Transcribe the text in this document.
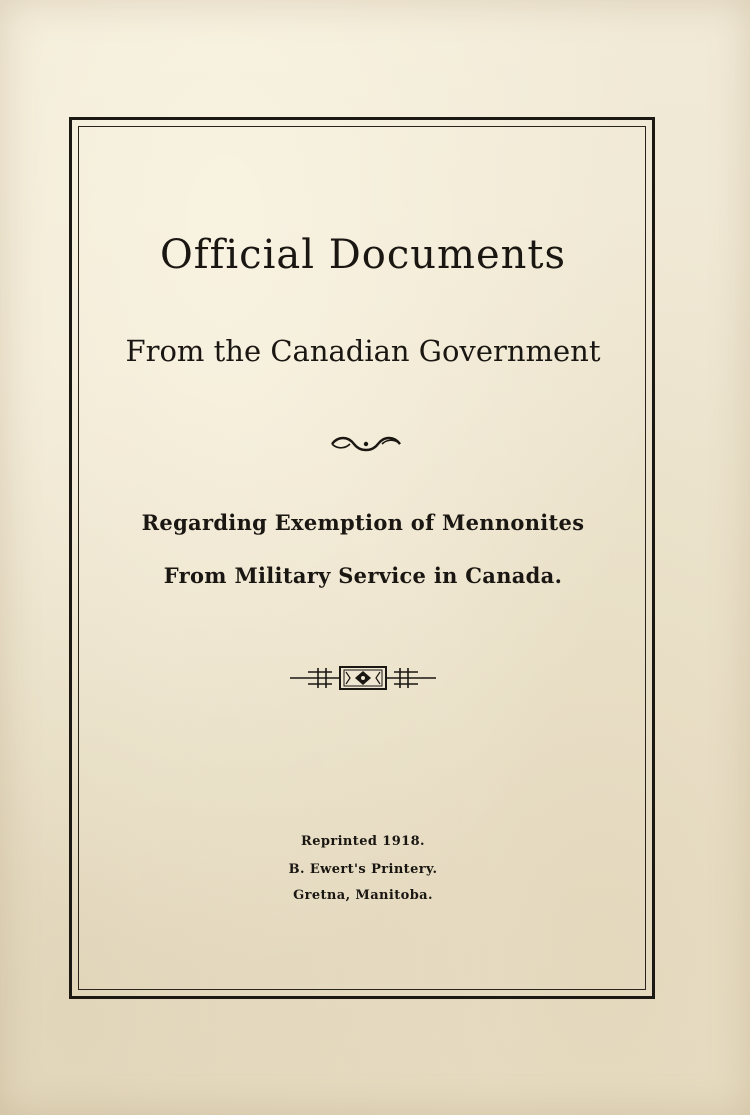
Official Documents
From the Canadian Government

Regarding Exemption of Mennonites

From Military Service in Canada.

Reprinted 1918.

B. Ewert's Printery.

Gretna, Manitoba.
